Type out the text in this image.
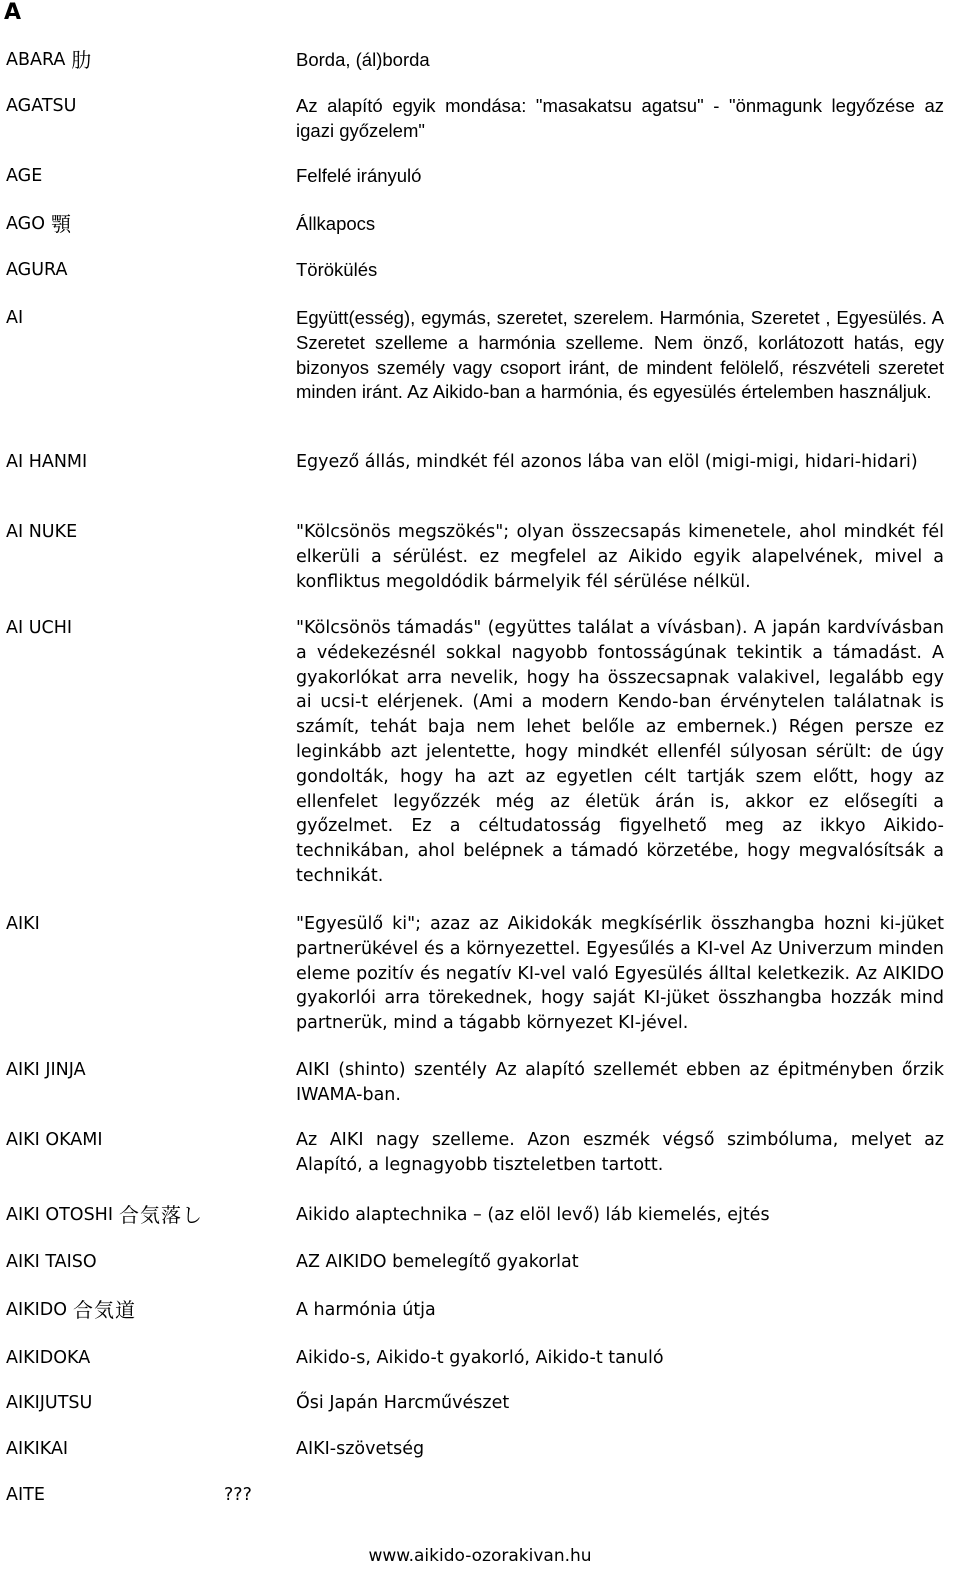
A
ABARA 肋	Borda, (ál)borda
AGATSU	Az alapító egyik mondása: "masakatsu agatsu" - "önmagunk legyőzése az igazi győzelem"
AGE	Felfelé irányuló
AGO 顎	Állkapocs
AGURA	Törökülés
AI	Együtt(esség), egymás, szeretet, szerelem. Harmónia, Szeretet , Egyesülés. A Szeretet szelleme a harmónia szelleme. Nem önző, korlátozott hatás, egy bizonyos személy vagy csoport iránt, de mindent felölelő, részvételi szeretet minden iránt. Az Aikido-ban a harmónia, és egyesülés értelemben használjuk.
AI HANMI	Egyező állás, mindkét fél azonos lába van elöl (migi-migi, hidari-hidari)
AI NUKE	"Kölcsönös megszökés"; olyan összecsapás kimenetele, ahol mindkét fél elkerüli a sérülést. ez megfelel az Aikido egyik alapelvének, mivel a konfliktus megoldódik bármelyik fél sérülése nélkül.
AI UCHI	"Kölcsönös támadás" (együttes találat a vívásban). A japán kardvívásban a védekezésnél sokkal nagyobb fontosságúnak tekintik a támadást. A gyakorlókat arra nevelik, hogy ha összecsapnak valakivel, legalább egy ai ucsi-t elérjenek. (Ami a modern Kendo-ban érvénytelen találatnak is számít, tehát baja nem lehet belőle az embernek.) Régen persze ez leginkább azt jelentette, hogy mindkét ellenfél súlyosan sérült: de úgy gondolták, hogy ha azt az egyetlen célt tartják szem előtt, hogy az ellenfelet legyőzzék még az életük árán is, akkor ez elősegíti a győzelmet. Ez a céltudatosság figyelhető meg az ikkyo Aikido-technikában, ahol belépnek a támadó körzetébe, hogy megvalósítsák a technikát.
AIKI	"Egyesülő ki"; azaz az Aikidokák megkísérlik összhangba hozni ki-jüket partnerükével és a környezettel. Egyesűlés a KI-vel Az Univerzum minden eleme pozitív és negatív KI-vel való Egyesülés álltal keletkezik. Az AIKIDO gyakorlói arra törekednek, hogy saját KI-jüket összhangba hozzák mind partnerük, mind a tágabb környezet KI-jével.
AIKI JINJA	AIKI (shinto) szentély Az alapító szellemét ebben az épitményben őrzik IWAMA-ban.
AIKI OKAMI	Az AIKI nagy szelleme. Azon eszmék végső szimbóluma, melyet az Alapító, a legnagyobb tiszteletben tartott.
AIKI OTOSHI 合気落し	Aikido alaptechnika – (az elöl levő) láb kiemelés, ejtés
AIKI TAISO	AZ AIKIDO bemelegítő gyakorlat
AIKIDO 合気道	A harmónia útja
AIKIDOKA	Aikido-s, Aikido-t gyakorló, Aikido-t tanuló
AIKIJUTSU	Ősi Japán Harcművészet
AIKIKAI	AIKI-szövetség
AITE	???
www.aikido-ozorakivan.hu
